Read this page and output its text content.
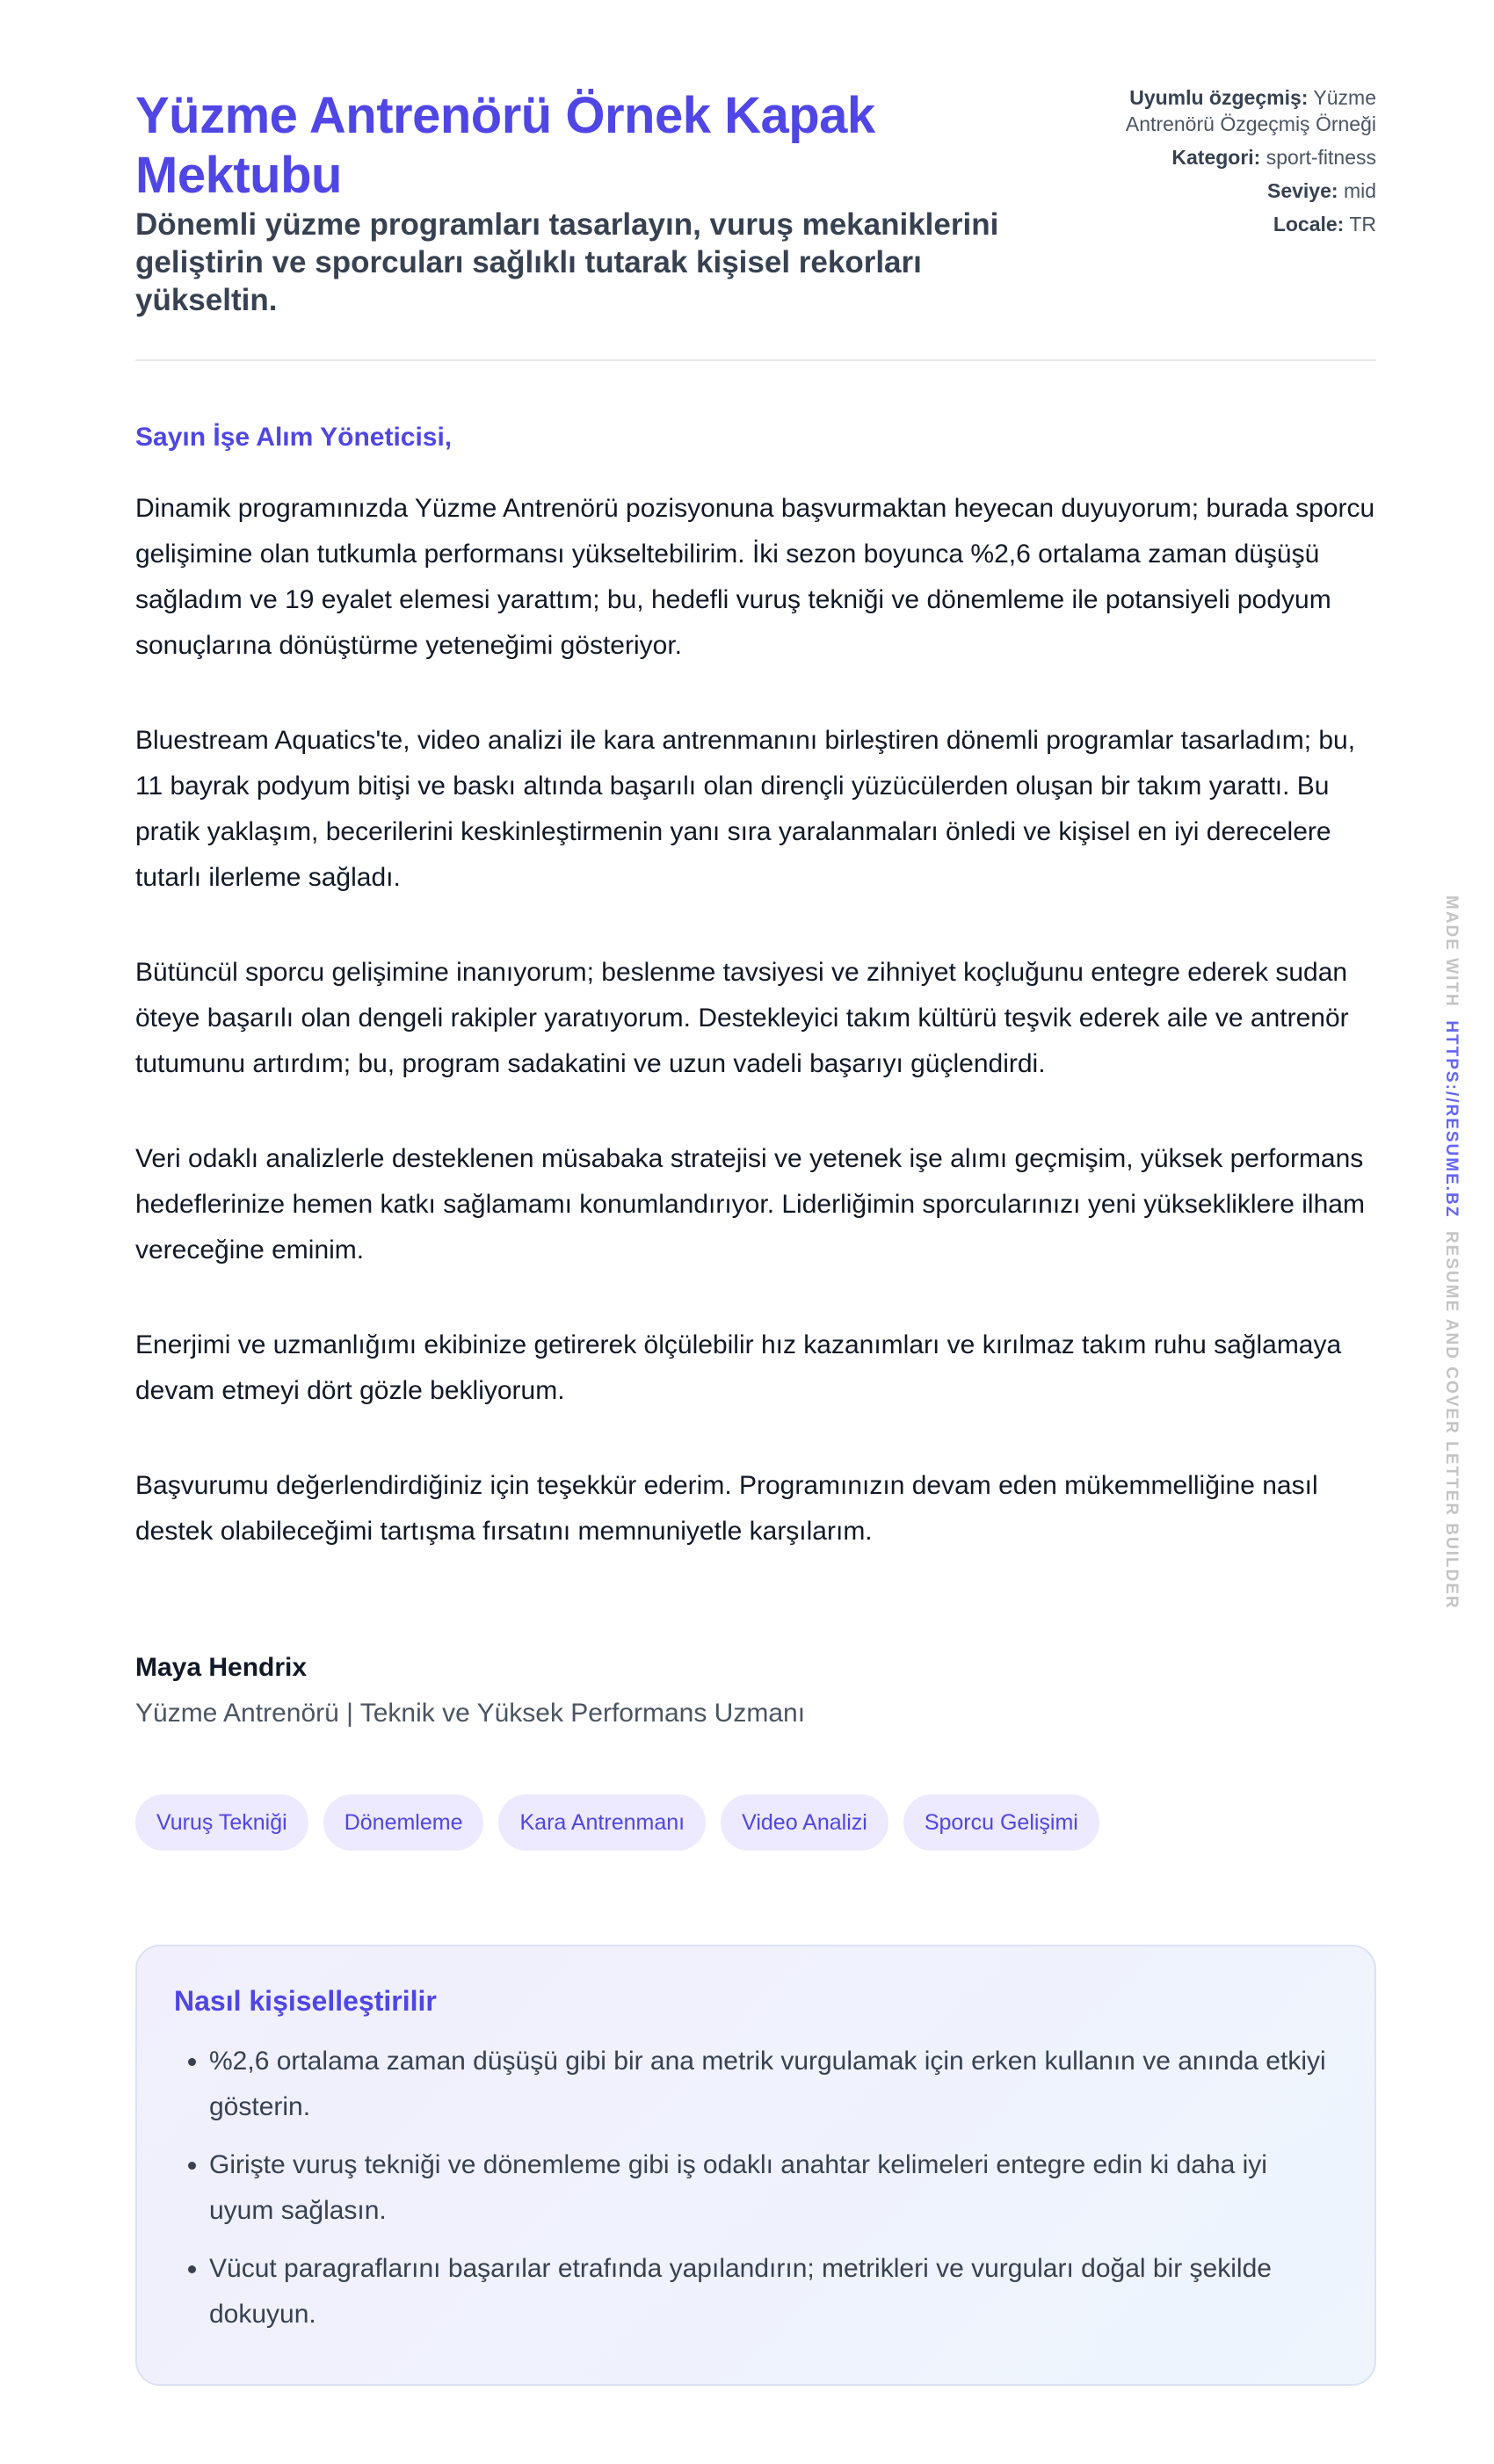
Yüzme Antrenörü Örnek Kapak Mektubu

Dönemli yüzme programları tasarlayın, vuruş mekaniklerini geliştirin ve sporcuları sağlıklı tutarak kişisel rekorları yükseltin.

Uyumlu özgeçmiş: Yüzme Antrenörü Özgeçmiş Örneği
Kategori: sport-fitness
Seviye: mid
Locale: TR

Sayın İşe Alım Yöneticisi,

Dinamik programınızda Yüzme Antrenörü pozisyonuna başvurmaktan heyecan duyuyorum; burada sporcu gelişimine olan tutkumla performansı yükseltebilirim. İki sezon boyunca %2,6 ortalama zaman düşüşü sağladım ve 19 eyalet elemesi yarattım; bu, hedefli vuruş tekniği ve dönemleme ile potansiyeli podyum sonuçlarına dönüştürme yeteneğimi gösteriyor.

Bluestream Aquatics'te, video analizi ile kara antrenmanını birleştiren dönemli programlar tasarladım; bu, 11 bayrak podyum bitişi ve baskı altında başarılı olan dirençli yüzücülerden oluşan bir takım yarattı. Bu pratik yaklaşım, becerilerini keskinleştirmenin yanı sıra yaralanmaları önledi ve kişisel en iyi derecelere tutarlı ilerleme sağladı.

Bütüncül sporcu gelişimine inanıyorum; beslenme tavsiyesi ve zihniyet koçluğunu entegre ederek sudan öteye başarılı olan dengeli rakipler yaratıyorum. Destekleyici takım kültürü teşvik ederek aile ve antrenör tutumunu artırdım; bu, program sadakatini ve uzun vadeli başarıyı güçlendirdi.

Veri odaklı analizlerle desteklenen müsabaka stratejisi ve yetenek işe alımı geçmişim, yüksek performans hedeflerinize hemen katkı sağlamamı konumlandırıyor. Liderliğimin sporcularınızı yeni yüksekliklere ilham vereceğine eminim.

Enerjimi ve uzmanlığımı ekibinize getirerek ölçülebilir hız kazanımları ve kırılmaz takım ruhu sağlamaya devam etmeyi dört gözle bekliyorum.

Başvurumu değerlendirdiğiniz için teşekkür ederim. Programınızın devam eden mükemmelliğine nasıl destek olabileceğimi tartışma fırsatını memnuniyetle karşılarım.

Maya Hendrix
Yüzme Antrenörü | Teknik ve Yüksek Performans Uzmanı
Vuruş Tekniği	Dönemleme	Kara Antrenmanı	Video Analizi	Sporcu Gelişimi
Nasıl kişiselleştirilir
• %2,6 ortalama zaman düşüşü gibi bir ana metrik vurgulamak için erken kullanın ve anında etkiyi gösterin.
• Girişte vuruş tekniği ve dönemleme gibi iş odaklı anahtar kelimeleri entegre edin ki daha iyi uyum sağlasın.
• Vücut paragraflarını başarılar etrafında yapılandırın; metrikleri ve vurguları doğal bir şekilde dokuyun.
MADE WITH  HTTPS://RESUME.BZ  RESUME AND COVER LETTER BUILDER
